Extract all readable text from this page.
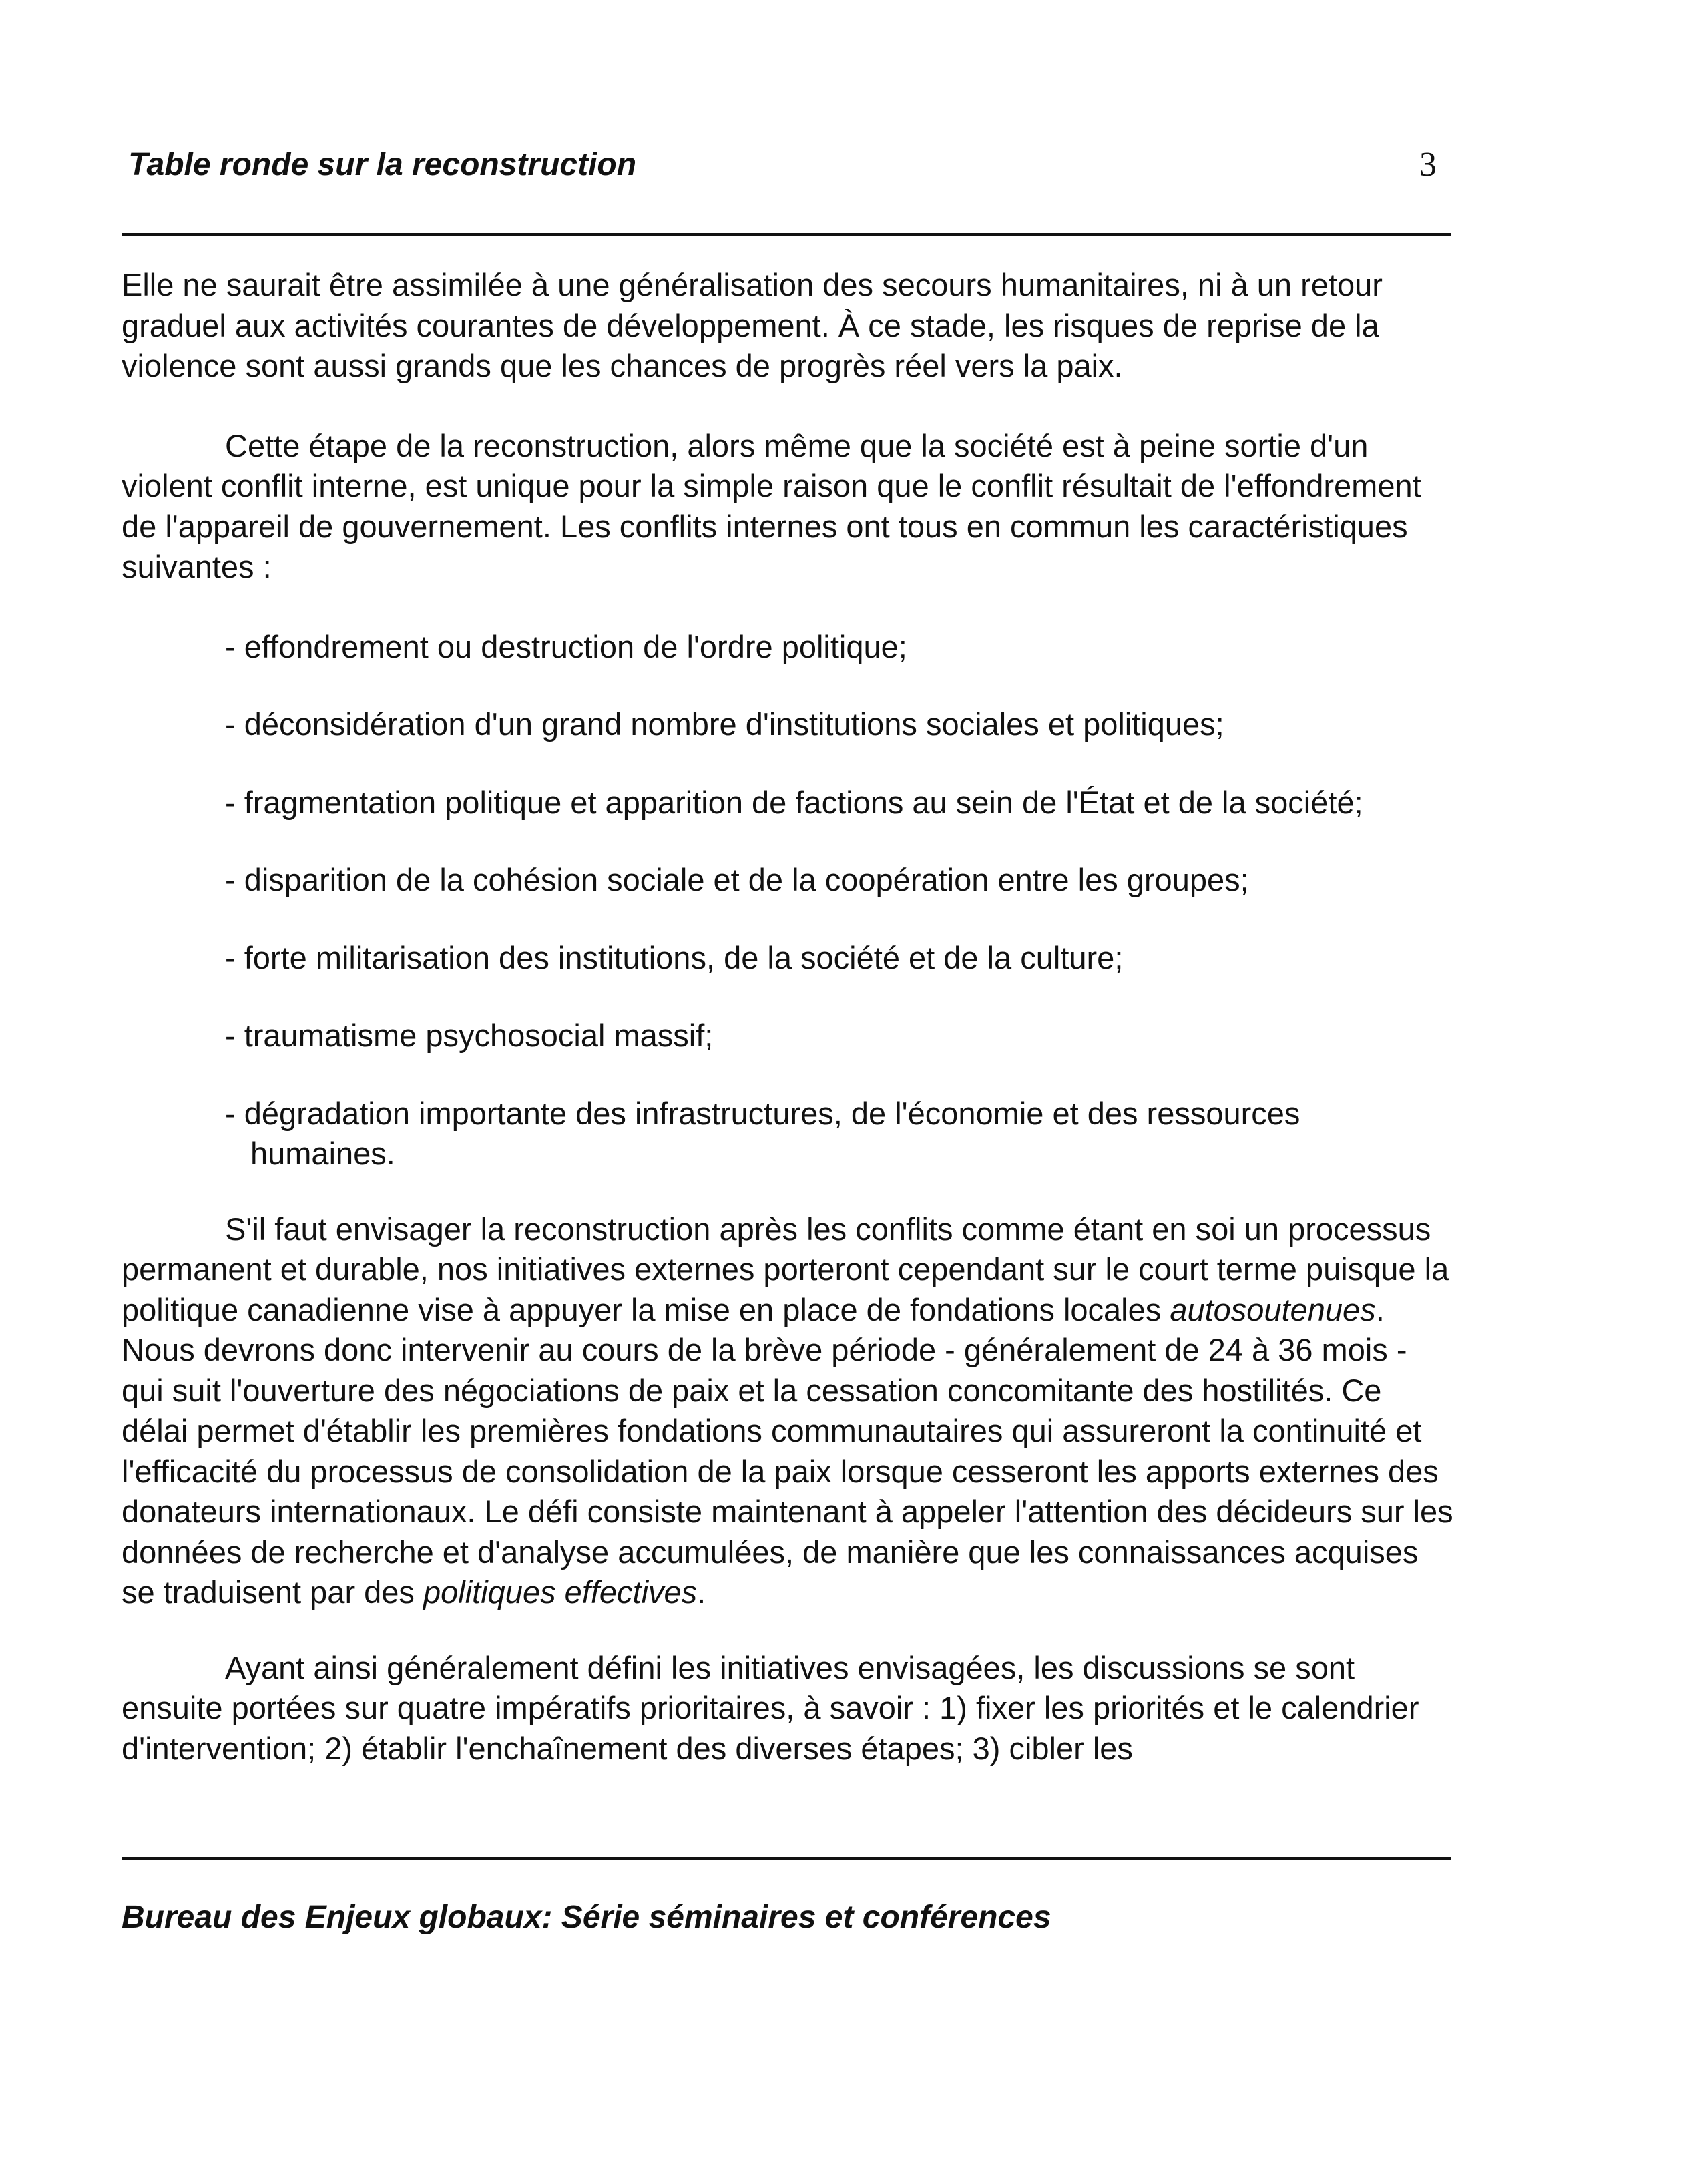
Table ronde sur la reconstruction	3

Elle ne saurait être assimilée à une généralisation des secours humanitaires, ni à un retour graduel aux activités courantes de développement. À ce stade, les risques de reprise de la violence sont aussi grands que les chances de progrès réel vers la paix.

Cette étape de la reconstruction, alors même que la société est à peine sortie d'un violent conflit interne, est unique pour la simple raison que le conflit résultait de l'effondrement de l'appareil de gouvernement. Les conflits internes ont tous en commun les caractéristiques suivantes :

- effondrement ou destruction de l'ordre politique;
- déconsidération d'un grand nombre d'institutions sociales et politiques;
- fragmentation politique et apparition de factions au sein de l'État et de la société;
- disparition de la cohésion sociale et de la coopération entre les groupes;
- forte militarisation des institutions, de la société et de la culture;
- traumatisme psychosocial massif;
- dégradation importante des infrastructures, de l'économie et des ressources humaines.

S'il faut envisager la reconstruction après les conflits comme étant en soi un processus permanent et durable, nos initiatives externes porteront cependant sur le court terme puisque la politique canadienne vise à appuyer la mise en place de fondations locales autosoutenues. Nous devrons donc intervenir au cours de la brève période - généralement de 24 à 36 mois - qui suit l'ouverture des négociations de paix et la cessation concomitante des hostilités. Ce délai permet d'établir les premières fondations communautaires qui assureront la continuité et l'efficacité du processus de consolidation de la paix lorsque cesseront les apports externes des donateurs internationaux. Le défi consiste maintenant à appeler l'attention des décideurs sur les données de recherche et d'analyse accumulées, de manière que les connaissances acquises se traduisent par des politiques effectives.

Ayant ainsi généralement défini les initiatives envisagées, les discussions se sont ensuite portées sur quatre impératifs prioritaires, à savoir : 1) fixer les priorités et le calendrier d'intervention; 2) établir l'enchaînement des diverses étapes; 3) cibler les

Bureau des Enjeux globaux: Série séminaires et conférences
